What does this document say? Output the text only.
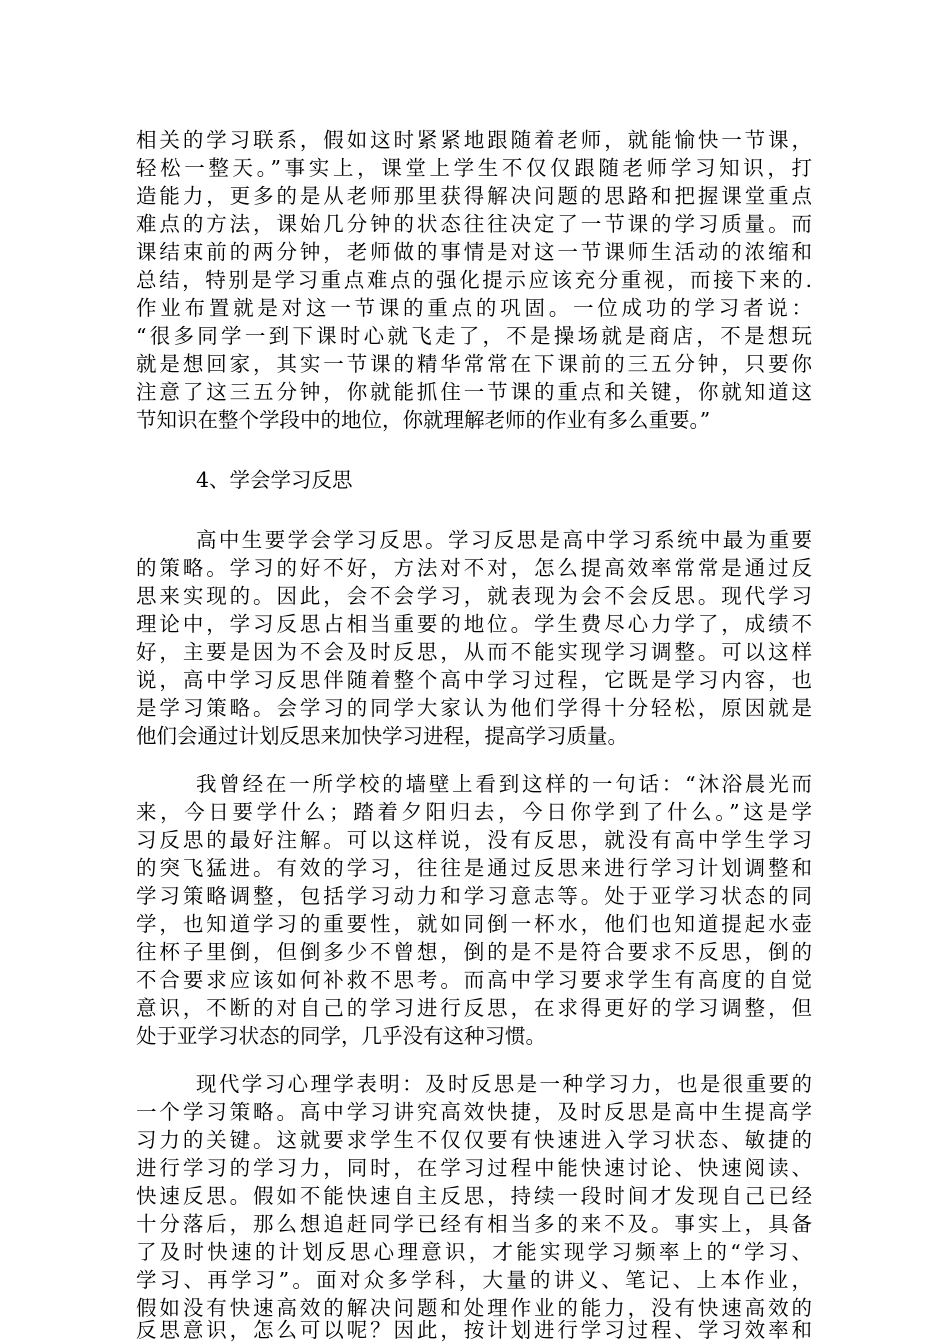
相关的学习联系，假如这时紧紧地跟随着老师，就能愉快一节课，
轻松一整天。”事实上，课堂上学生不仅仅跟随老师学习知识，打
造能力，更多的是从老师那里获得解决问题的思路和把握课堂重点
难点的方法，课始几分钟的状态往往决定了一节课的学习质量。而
课结束前的两分钟，老师做的事情是对这一节课师生活动的浓缩和
总结，特别是学习重点难点的强化提示应该充分重视，而接下来的.
作业布置就是对这一节课的重点的巩固。一位成功的学习者说：
“很多同学一到下课时心就飞走了，不是操场就是商店，不是想玩
就是想回家，其实一节课的精华常常在下课前的三五分钟，只要你
注意了这三五分钟，你就能抓住一节课的重点和关键，你就知道这
节知识在整个学段中的地位，你就理解老师的作业有多么重要。”
4、学会学习反思
高中生要学会学习反思。学习反思是高中学习系统中最为重要
的策略。学习的好不好，方法对不对，怎么提高效率常常是通过反
思来实现的。因此，会不会学习，就表现为会不会反思。现代学习
理论中，学习反思占相当重要的地位。学生费尽心力学了，成绩不
好，主要是因为不会及时反思，从而不能实现学习调整。可以这样
说，高中学习反思伴随着整个高中学习过程，它既是学习内容，也
是学习策略。会学习的同学大家认为他们学得十分轻松，原因就是
他们会通过计划反思来加快学习进程，提高学习质量。
我曾经在一所学校的墙壁上看到这样的一句话：“沐浴晨光而
来，今日要学什么；踏着夕阳归去，今日你学到了什么。”这是学
习反思的最好注解。可以这样说，没有反思，就没有高中学生学习
的突飞猛进。有效的学习，往往是通过反思来进行学习计划调整和
学习策略调整，包括学习动力和学习意志等。处于亚学习状态的同
学，也知道学习的重要性，就如同倒一杯水，他们也知道提起水壶
往杯子里倒，但倒多少不曾想，倒的是不是符合要求不反思，倒的
不合要求应该如何补救不思考。而高中学习要求学生有高度的自觉
意识，不断的对自己的学习进行反思，在求得更好的学习调整，但
处于亚学习状态的同学，几乎没有这种习惯。
现代学习心理学表明：及时反思是一种学习力，也是很重要的
一个学习策略。高中学习讲究高效快捷，及时反思是高中生提高学
习力的关键。这就要求学生不仅仅要有快速进入学习状态、敏捷的
进行学习的学习力，同时，在学习过程中能快速讨论、快速阅读、
快速反思。假如不能快速自主反思，持续一段时间才发现自己已经
十分落后，那么想追赶同学已经有相当多的来不及。事实上，具备
了及时快速的计划反思心理意识，才能实现学习频率上的“学习、
学习、再学习”。面对众多学科，大量的讲义、笔记、上本作业，
假如没有快速高效的解决问题和处理作业的能力，没有快速高效的
反思意识，怎么可以呢？因此，按计划进行学习过程、学习效率和
